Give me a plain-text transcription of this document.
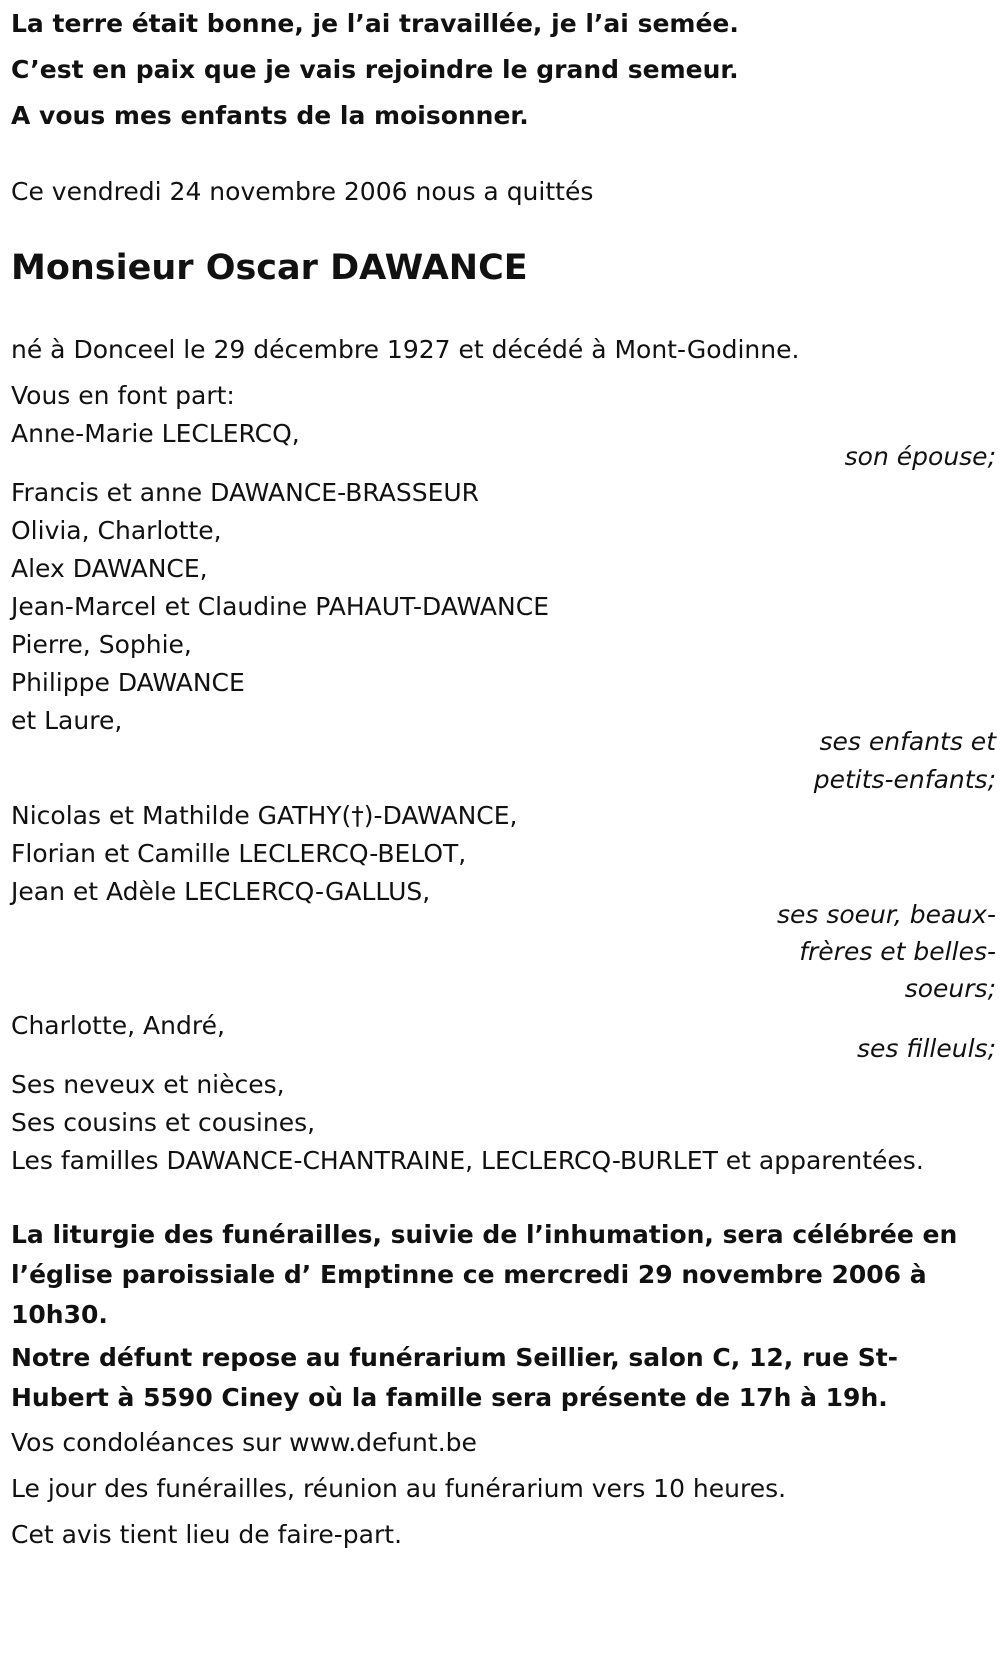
La terre était bonne, je l’ai travaillée, je l’ai semée.
C’est en paix que je vais rejoindre le grand semeur.
A vous mes enfants de la moisonner.
Ce vendredi 24 novembre 2006 nous a quittés
Monsieur Oscar DAWANCE
né à Donceel le 29 décembre 1927 et décédé à Mont-Godinne.
Vous en font part:
Anne-Marie LECLERCQ,
son épouse;
Francis et anne DAWANCE-BRASSEUR
Olivia, Charlotte,
Alex DAWANCE,
Jean-Marcel et Claudine PAHAUT-DAWANCE
Pierre, Sophie,
Philippe DAWANCE
et Laure,
ses enfants et
petits-enfants;
Nicolas et Mathilde GATHY(†)-DAWANCE,
Florian et Camille LECLERCQ-BELOT,
Jean et Adèle LECLERCQ-GALLUS,
ses soeur, beaux-
frères et belles-
soeurs;
Charlotte, André,
ses filleuls;
Ses neveux et nièces,
Ses cousins et cousines,
Les familles DAWANCE-CHANTRAINE, LECLERCQ-BURLET et apparentées.
La liturgie des funérailles, suivie de l’inhumation, sera célébrée en l’église paroissiale d’ Emptinne ce mercredi 29 novembre 2006 à 10h30.
Notre défunt repose au funérarium Seillier, salon C, 12, rue St-Hubert à 5590 Ciney où la famille sera présente de 17h à 19h.
Vos condoléances sur www.defunt.be
Le jour des funérailles, réunion au funérarium vers 10 heures.
Cet avis tient lieu de faire-part.
